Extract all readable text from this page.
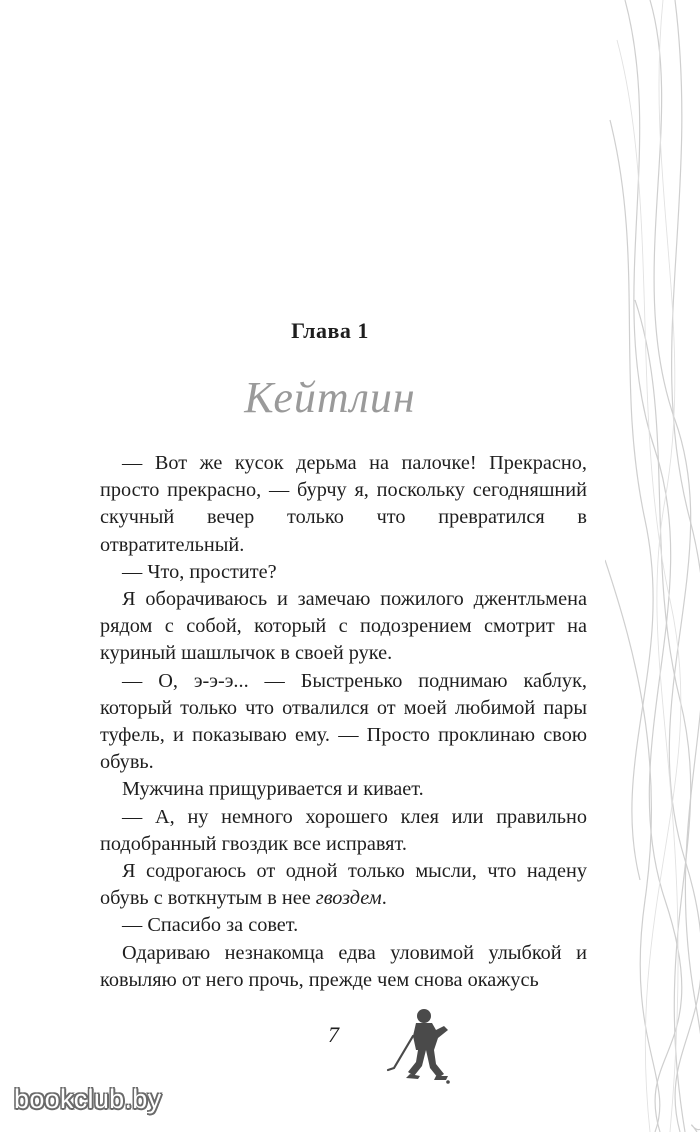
Глава 1
Кейтлин

— Вот же кусок дерьма на палочке! Прекрасно, просто прекрасно, — бурчу я, поскольку сегодняшний скучный вечер только что превратился в отвратительный.

— Что, простите?

Я оборачиваюсь и замечаю пожилого джентльмена рядом с собой, который с подозрением смотрит на куриный шашлычок в своей руке.

— О, э-э-э... — Быстренько поднимаю каблук, который только что отвалился от моей любимой пары туфель, и показываю ему. — Просто проклинаю свою обувь.

Мужчина прищуривается и кивает.

— А, ну немного хорошего клея или правильно подобранный гвоздик все исправят.

Я содрогаюсь от одной только мысли, что надену обувь с воткнутым в нее гвоздем.

— Спасибо за совет.

Одариваю незнакомца едва уловимой улыбкой и ковыляю от него прочь, прежде чем снова окажусь

7
bookclub.by
